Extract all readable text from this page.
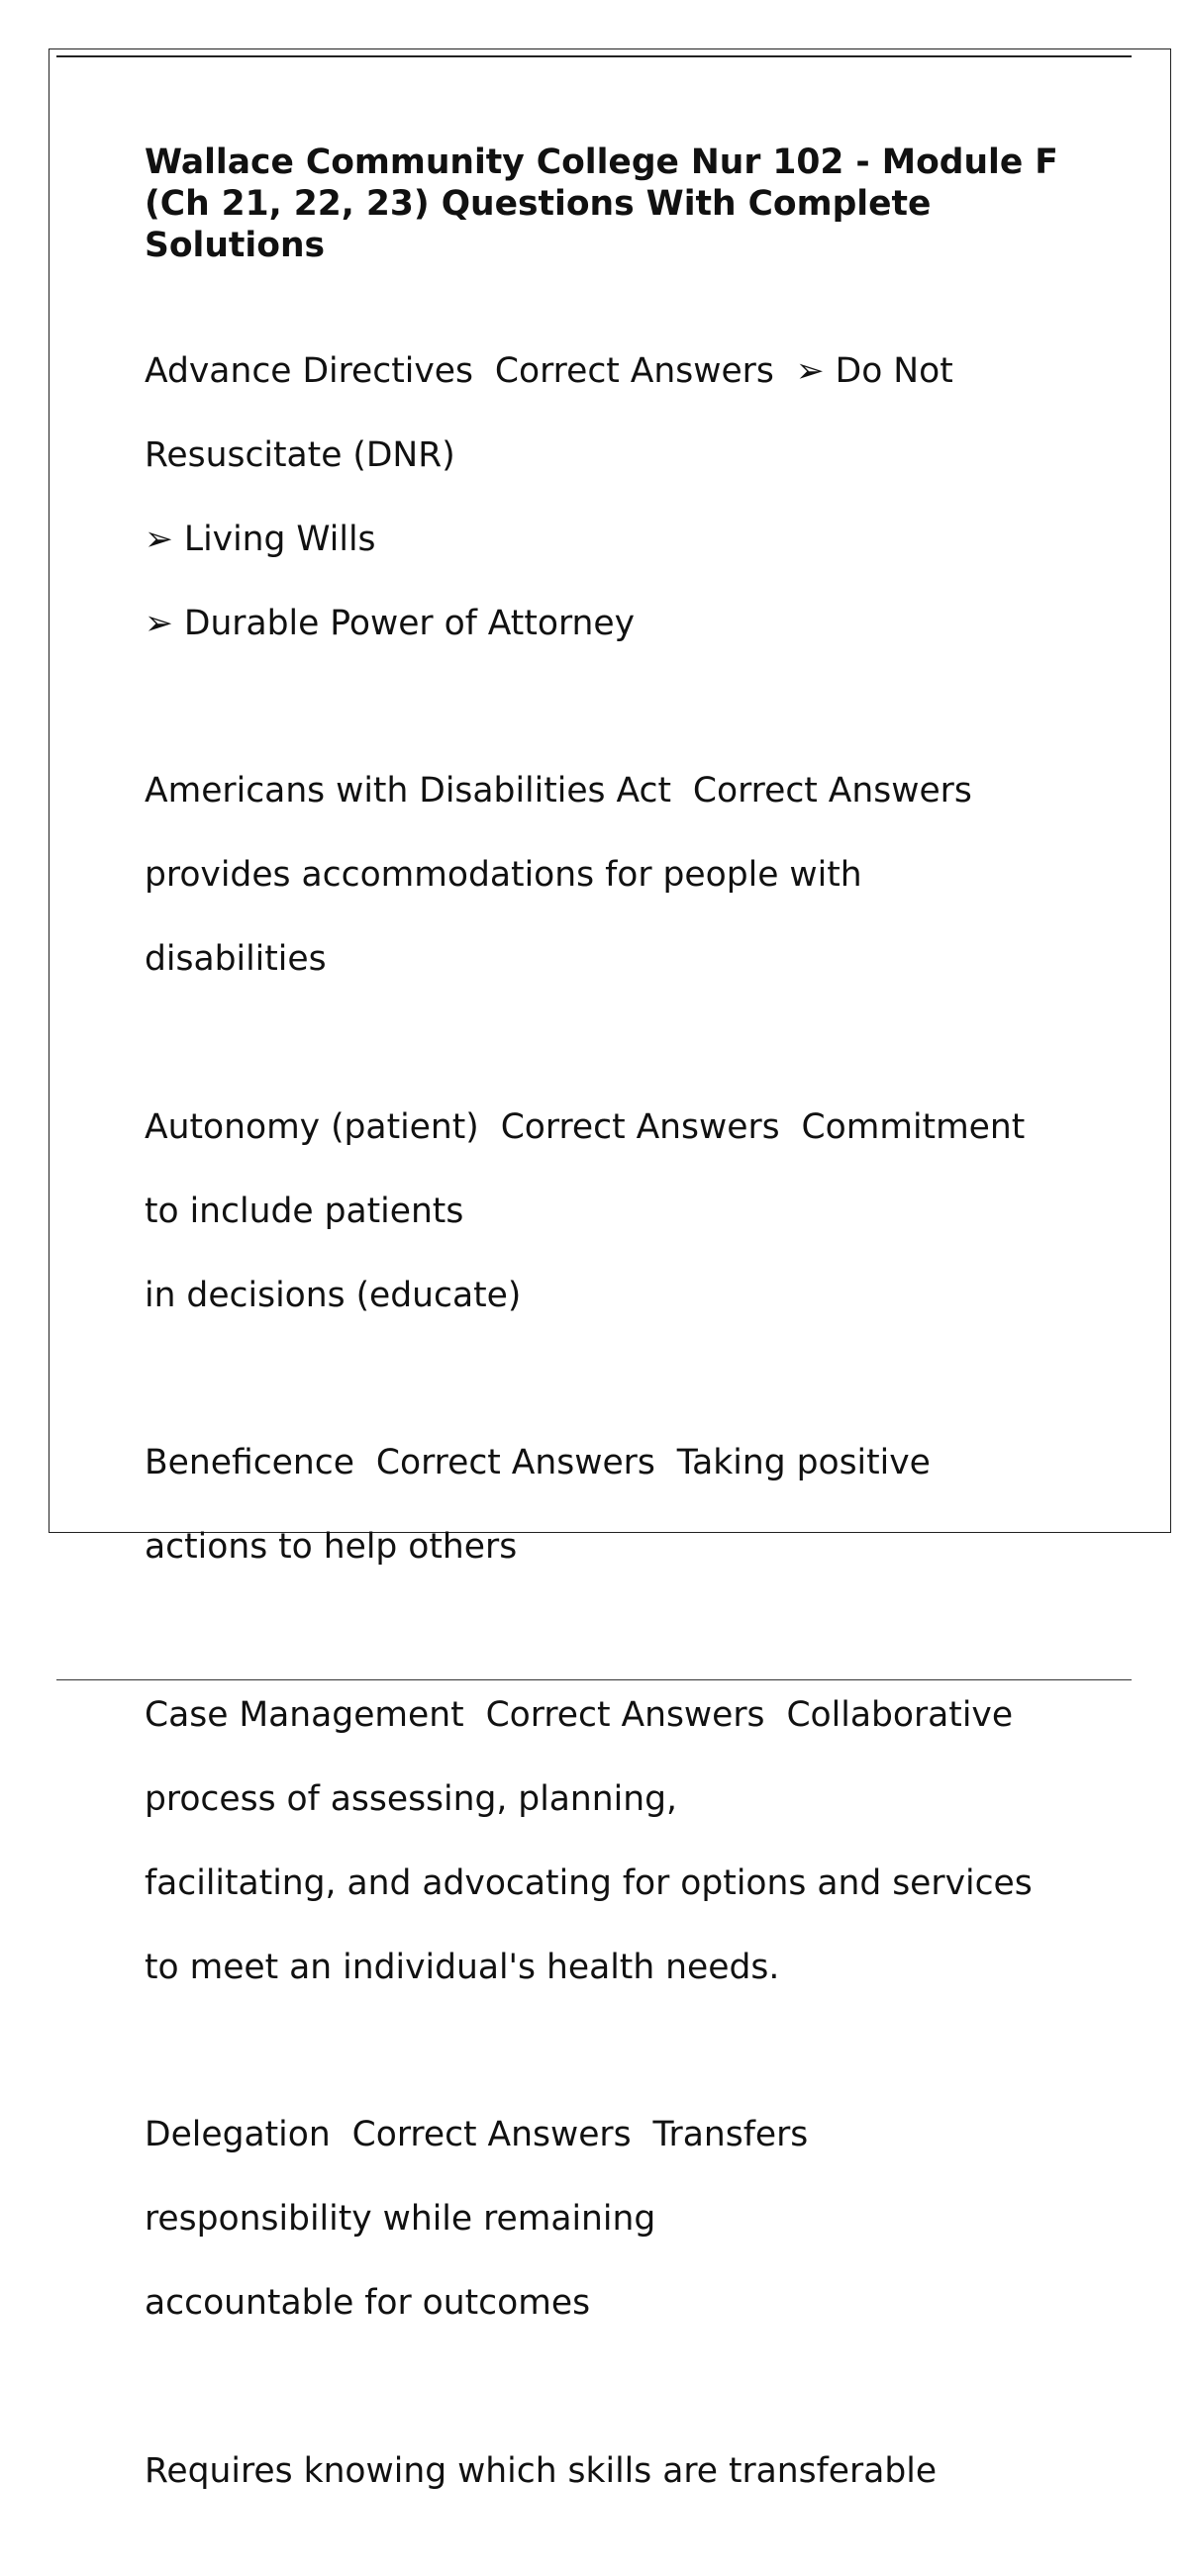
Wallace Community College Nur 102 - Module F (Ch 21, 22, 23) Questions With Complete Solutions

Advance Directives  Correct Answers  ➢ Do Not

Resuscitate (DNR)

➢ Living Wills

➢ Durable Power of Attorney

Americans with Disabilities Act  Correct Answers

provides accommodations for people with

disabilities

Autonomy (patient)  Correct Answers  Commitment

to include patients

in decisions (educate)

Beneficence  Correct Answers  Taking positive

actions to help others

Case Management  Correct Answers  Collaborative

process of assessing, planning,

facilitating, and advocating for options and services

to meet an individual's health needs.

Delegation  Correct Answers  Transfers

responsibility while remaining

accountable for outcomes

Requires knowing which skills are transferable
